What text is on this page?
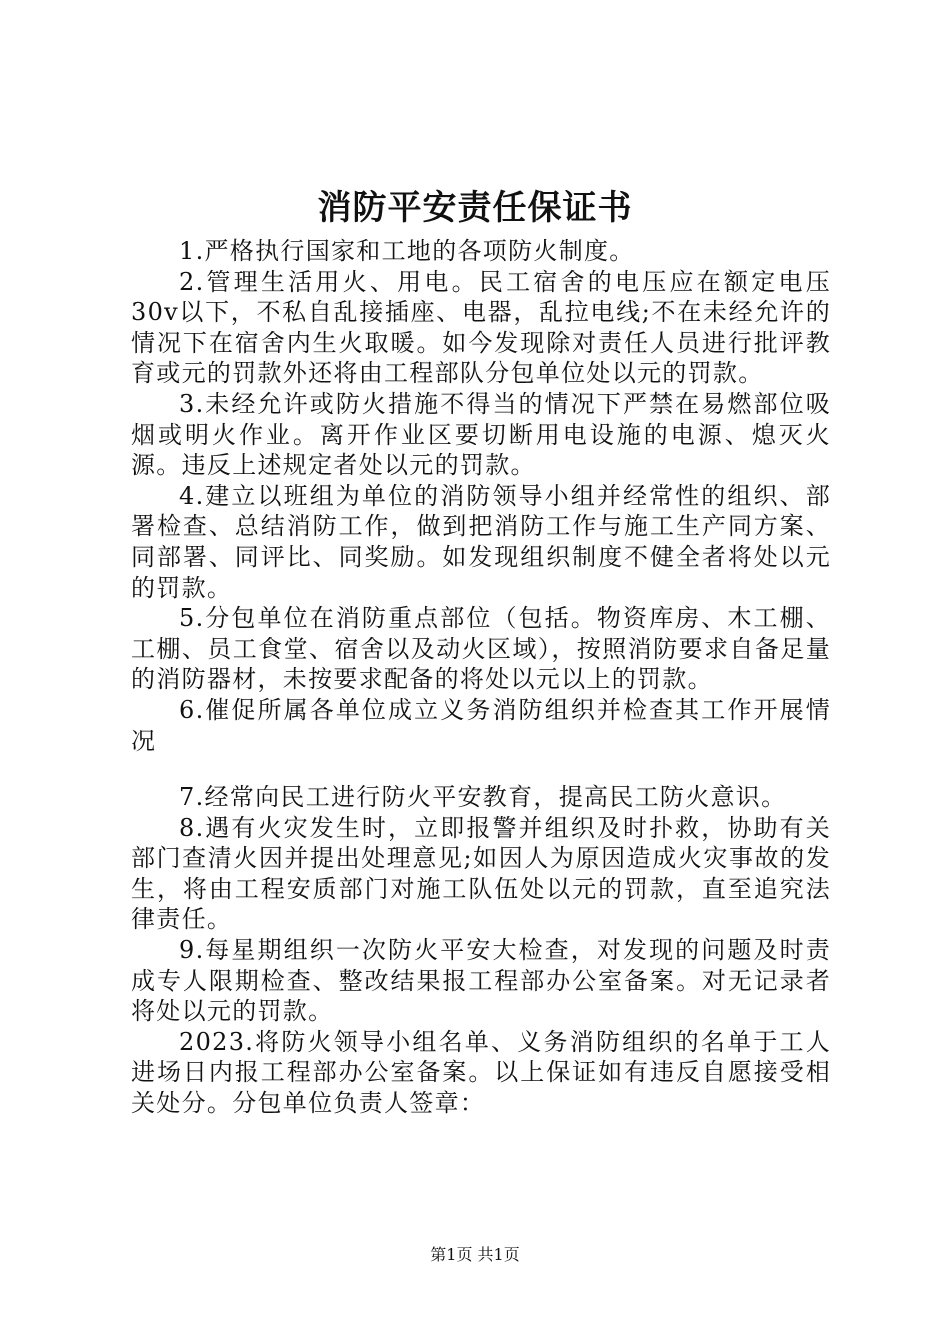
消防平安责任保证书

1.严格执行国家和工地的各项防火制度。

2.管理生活用火、用电。民工宿舍的电压应在额定电压30v以下，不私自乱接插座、电器，乱拉电线;不在未经允许的情况下在宿舍内生火取暖。如今发现除对责任人员进行批评教育或元的罚款外还将由工程部队分包单位处以元的罚款。

3.未经允许或防火措施不得当的情况下严禁在易燃部位吸烟或明火作业。离开作业区要切断用电设施的电源、熄灭火源。违反上述规定者处以元的罚款。

4.建立以班组为单位的消防领导小组并经常性的组织、部署检查、总结消防工作，做到把消防工作与施工生产同方案、同部署、同评比、同奖励。如发现组织制度不健全者将处以元的罚款。

5.分包单位在消防重点部位（包括。物资库房、木工棚、工棚、员工食堂、宿舍以及动火区域），按照消防要求自备足量的消防器材，未按要求配备的将处以元以上的罚款。

6.催促所属各单位成立义务消防组织并检查其工作开展情况

7.经常向民工进行防火平安教育，提高民工防火意识。

8.遇有火灾发生时，立即报警并组织及时扑救，协助有关部门查清火因并提出处理意见;如因人为原因造成火灾事故的发生，将由工程安质部门对施工队伍处以元的罚款，直至追究法律责任。

9.每星期组织一次防火平安大检查，对发现的问题及时责成专人限期检查、整改结果报工程部办公室备案。对无记录者将处以元的罚款。

2023.将防火领导小组名单、义务消防组织的名单于工人进场日内报工程部办公室备案。以上保证如有违反自愿接受相关处分。分包单位负责人签章：

第1页 共1页
